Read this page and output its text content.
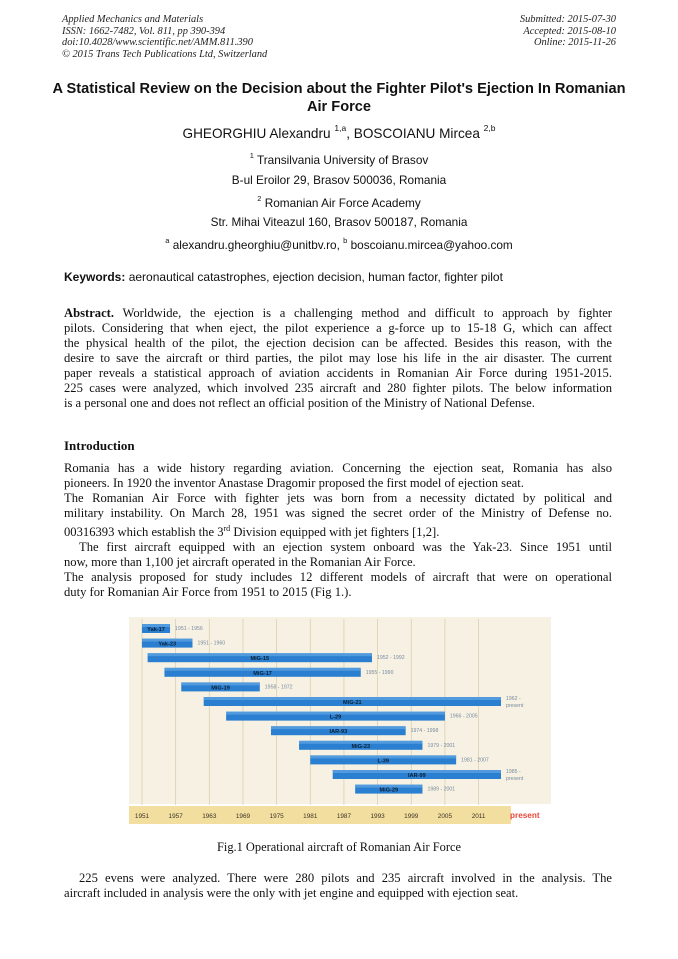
Applied Mechanics and Materials
ISSN: 1662-7482, Vol. 811, pp 390-394
doi:10.4028/www.scientific.net/AMM.811.390
© 2015 Trans Tech Publications Ltd, Switzerland
Submitted: 2015-07-30
Accepted: 2015-08-10
Online: 2015-11-26
A Statistical Review on the Decision about the Fighter Pilot's Ejection In Romanian Air Force
GHEORGHIU Alexandru $^{1,a}$, BOSCOIANU Mircea $^{2,b}$
$^1$ Transilvania University of Brasov
B-ul Eroilor 29, Brasov 500036, Romania
$^2$ Romanian Air Force Academy
Str. Mihai Viteazul 160, Brasov 500187, Romania
$^a$ alexandru.gheorghiu@unitbv.ro, $^b$ boscoianu.mircea@yahoo.com
Keywords: aeronautical catastrophes, ejection decision, human factor, fighter pilot
Abstract. Worldwide, the ejection is a challenging method and difficult to approach by fighter
pilots. Considering that when eject, the pilot experience a g-force up to 15-18 G, which can affect
the physical health of the pilot, the ejection decision can be affected. Besides this reason, with the
desire to save the aircraft or third parties, the pilot may lose his life in the air disaster. The current
paper reveals a statistical approach of aviation accidents in Romanian Air Force during 1951-2015.
225 cases were analyzed, which involved 235 aircraft and 280 fighter pilots. The below information
is a personal one and does not reflect an official position of the Ministry of National Defense.
Introduction
Romania has a wide history regarding aviation. Concerning the ejection seat, Romania has also
pioneers. In 1920 the inventor Anastase Dragomir proposed the first model of ejection seat.
The Romanian Air Force with fighter jets was born from a necessity dictated by political and
military instability. On March 28, 1951 was signed the secret order of the Ministry of Defense no.
00316393 which establish the 3rd Division equipped with jet fighters [1,2].
The first aircraft equipped with an ejection system onboard was the Yak-23. Since 1951 until
now, more than 1,100 jet aircraft operated in the Romanian Air Force.
The analysis proposed for study includes 12 different models of aircraft that were on operational
duty for Romanian Air Force from 1951 to 2015 (Fig 1.).
Yak-17 1951 - 1956
Yak-23	1951 - 1960
MiG-15	1952 - 1992
MiG-17	1955 - 1990
MiG-19	1958 - 1972
MiG-21
1962 -
present
L-29	1966 - 2005
IAR-93	1974 - 1998
MiG-23	1979 - 2001
L-39	1981 - 2007
IAR-99
1985 -
present
MiG-29	1989 - 2001
1951	1957	1963	1969	1975	1981	1987	1993	1999	2005	2011	present
Fig.1 Operational aircraft of Romanian Air Force
225 evens were analyzed. There were 280 pilots and 235 aircraft involved in the analysis. The
aircraft included in analysis were the only with jet engine and equipped with ejection seat.
